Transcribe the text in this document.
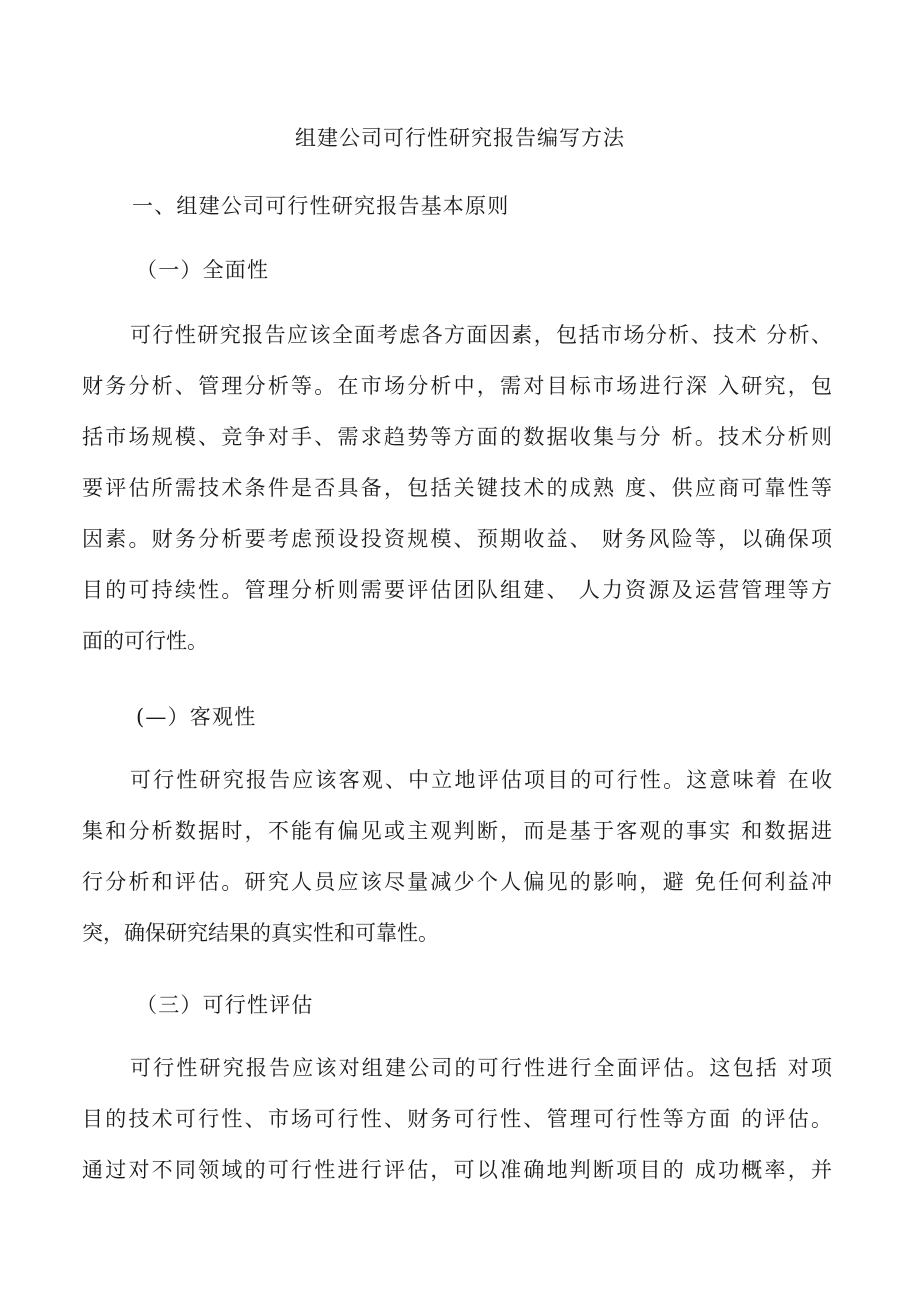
组建公司可行性研究报告编写方法
一、组建公司可行性研究报告基本原则
（一）全面性
可行性研究报告应该全面考虑各方面因素，包括市场分析、技术 分析、
财务分析、管理分析等。在市场分析中，需对目标市场进行深 入研究，包
括市场规模、竞争对手、需求趋势等方面的数据收集与分 析。技术分析则
要评估所需技术条件是否具备，包括关键技术的成熟 度、供应商可靠性等
因素。财务分析要考虑预设投资规模、预期收益、 财务风险等，以确保项
目的可持续性。管理分析则需要评估团队组建、 人力资源及运营管理等方
面的可行性。
(—）客观性
可行性研究报告应该客观、中立地评估项目的可行性。这意味着 在收
集和分析数据时，不能有偏见或主观判断，而是基于客观的事实 和数据进
行分析和评估。研究人员应该尽量减少个人偏见的影响，避 免任何利益冲
突，确保研究结果的真实性和可靠性。
（三）可行性评估
可行性研究报告应该对组建公司的可行性进行全面评估。这包括 对项
目的技术可行性、市场可行性、财务可行性、管理可行性等方面 的评估。
通过对不同领域的可行性进行评估，可以准确地判断项目的 成功概率，并
